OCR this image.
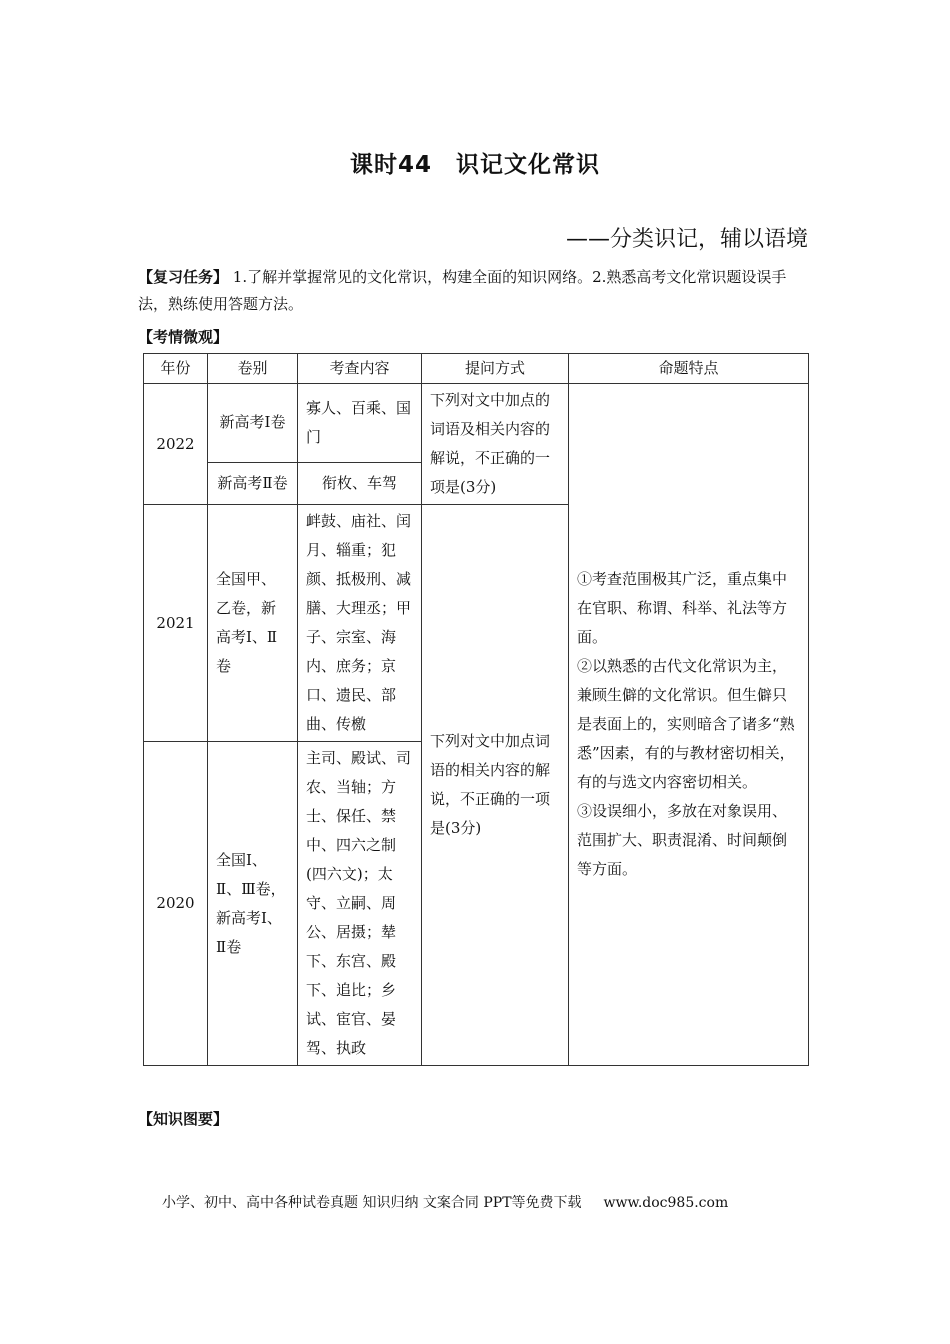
课时44　识记文化常识
——分类识记，辅以语境
【复习任务】 1.了解并掌握常见的文化常识，构建全面的知识网络。2.熟悉高考文化常识题设误手法，熟练使用答题方法。
【考情微观】
年份	卷别	考查内容	提问方式	命题特点
2022	新高考Ⅰ卷	寡人、百乘、国门	下列对文中加点的词语及相关内容的解说，不正确的一项是(3分)	①考查范围极其广泛，重点集中在官职、称谓、科举、礼法等方面。
②以熟悉的古代文化常识为主，兼顾生僻的文化常识。但生僻只是表面上的，实则暗含了诸多“熟悉”因素，有的与教材密切相关，有的与选文内容密切相关。
③设误细小，多放在对象误用、范围扩大、职责混淆、时间颠倒等方面。

	新高考Ⅱ卷	衔枚、车驾		
2021	全国甲、乙卷，新高考Ⅰ、Ⅱ卷	衅鼓、庙社、闰月、辎重；犯颜、抵极刑、减膳、大理丞；甲子、宗室、海内、庶务；京口、遗民、部曲、传檄	下列对文中加点词语的相关内容的解说，不正确的一项是(3分)	
2020	全国Ⅰ、Ⅱ、Ⅲ卷，新高考Ⅰ、Ⅱ卷	主司、殿试、司农、当轴；方士、保任、禁中、四六之制(四六文)；太守、立嗣、周公、居摄；辇下、东宫、殿下、追比；乡试、宦官、晏驾、执政		
【知识图要】
小学、初中、高中各种试卷真题 知识归纳 文案合同 PPT等免费下载 www.doc985.com
